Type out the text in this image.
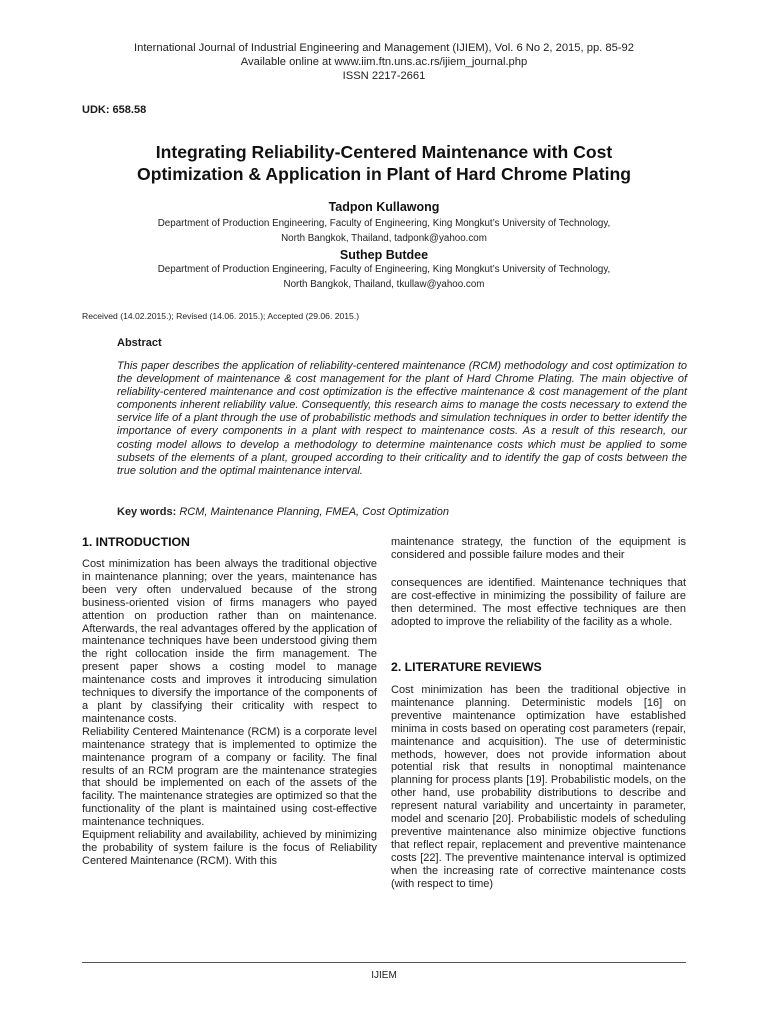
International Journal of Industrial Engineering and Management (IJIEM), Vol. 6 No 2, 2015, pp. 85-92
Available online at www.iim.ftn.uns.ac.rs/ijiem_journal.php
ISSN 2217-2661
UDK: 658.58
Integrating Reliability-Centered Maintenance with Cost
Optimization & Application in Plant of Hard Chrome Plating
Tadpon Kullawong
Department of Production Engineering, Faculty of Engineering, King Mongkut’s University of Technology,
North Bangkok, Thailand, tadponk@yahoo.com
Suthep Butdee
Department of Production Engineering, Faculty of Engineering, King Mongkut’s University of Technology,
North Bangkok, Thailand, tkullaw@yahoo.com
Received (14.02.2015.); Revised (14.06. 2015.); Accepted (29.06. 2015.)
Abstract
This paper describes the application of reliability-centered maintenance (RCM) methodology and cost optimization to the development of maintenance & cost management for the plant of Hard Chrome Plating. The main objective of reliability-centered maintenance and cost optimization is the effective maintenance & cost management of the plant components inherent reliability value. Consequently, this research aims to manage the costs necessary to extend the service life of a plant through the use of probabilistic methods and simulation techniques in order to better identify the importance of every components in a plant with respect to maintenance costs. As a result of this research, our costing model allows to develop a methodology to determine maintenance costs which must be applied to some subsets of the elements of a plant, grouped according to their criticality and to identify the gap of costs between the true solution and the optimal maintenance interval.
Key words: RCM, Maintenance Planning, FMEA, Cost Optimization
1. INTRODUCTION

Cost minimization has been always the traditional objective in maintenance planning; over the years, maintenance has been very often undervalued because of the strong business-oriented vision of firms managers who payed attention on production rather than on maintenance. Afterwards, the real advantages offered by the application of maintenance techniques have been understood giving them the right collocation inside the firm management. The present paper shows a costing model to manage maintenance costs and improves it introducing simulation techniques to diversify the importance of the components of a plant by classifying their criticality with respect to maintenance costs.

Reliability Centered Maintenance (RCM) is a corporate level maintenance strategy that is implemented to optimize the maintenance program of a company or facility. The final results of an RCM program are the maintenance strategies that should be implemented on each of the assets of the facility. The maintenance strategies are optimized so that the functionality of the plant is maintained using cost-effective maintenance techniques.

Equipment reliability and availability, achieved by minimizing the probability of system failure is the focus of Reliability Centered Maintenance (RCM). With this

maintenance strategy, the function of the equipment is considered and possible failure modes and their

consequences are identified. Maintenance techniques that are cost-effective in minimizing the possibility of failure are then determined. The most effective techniques are then adopted to improve the reliability of the facility as a whole.

2. LITERATURE REVIEWS

Cost minimization has been the traditional objective in maintenance planning. Deterministic models [16] on preventive maintenance optimization have established minima in costs based on operating cost parameters (repair, maintenance and acquisition). The use of deterministic methods, however, does not provide information about potential risk that results in nonoptimal maintenance planning for process plants [19]. Probabilistic models, on the other hand, use probability distributions to describe and represent natural variability and uncertainty in parameter, model and scenario [20]. Probabilistic models of scheduling preventive maintenance also minimize objective functions that reflect repair, replacement and preventive maintenance costs [22]. The preventive maintenance interval is optimized when the increasing rate of corrective maintenance costs (with respect to time)

IJIEM
